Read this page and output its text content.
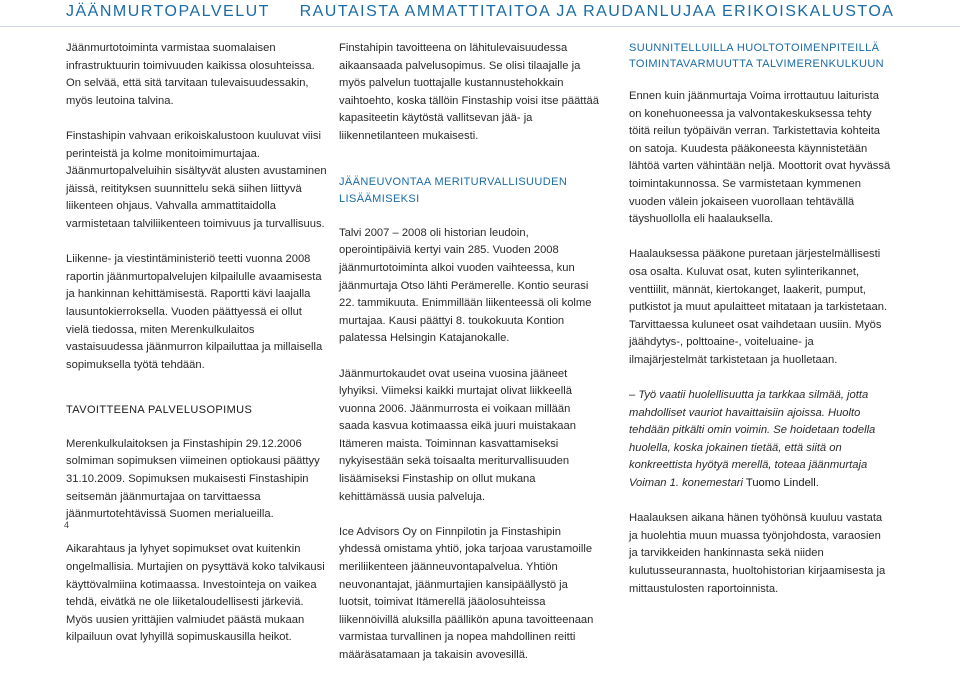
JÄÄNMURTOPALVELUT RAUTAISTA AMMATTITAITOA JA RAUDANLUJAA ERIKOISKALUSTOA

Jäänmurtotoiminta varmistaa suomalaisen infrastruktuurin toimivuuden kaikissa olosuhteissa. On selvää, että sitä tarvitaan tulevaisuudessakin, myös leutoina talvina.

Finstashipin vahvaan erikoiskalustoon kuuluvat viisi perinteistä ja kolme monitoimimurtajaa. Jäänmurtopalveluihin sisältyvät alusten avustaminen jäissä, reitityksen suunnittelu sekä siihen liittyvä liikenteen ohjaus. Vahvalla ammattitaidolla varmistetaan talviliikenteen toimivuus ja turvallisuus.

Liikenne- ja viestintäministeriö teetti vuonna 2008 raportin jäänmurtopalvelujen kilpailulle avaamisesta ja hankinnan kehittämisestä. Raportti kävi laajalla lausuntokierroksella. Vuoden päättyessä ei ollut vielä tiedossa, miten Merenkulkulaitos vastaisuudessa jäänmurron kilpailuttaa ja millaisella sopimuksella työtä tehdään.

TAVOITTEENA PALVELUSOPIMUS

Merenkulkulaitoksen ja Finstashipin 29.12.2006 solmiman sopimuksen viimeinen optiokausi päättyy 31.10.2009. Sopimuksen mukaisesti Finstashipin seitsemän jäänmurtajaa on tarvittaessa jäänmurtotehtävissä Suomen merialueilla.

Aikarahtaus ja lyhyet sopimukset ovat kuitenkin ongelmallisia. Murtajien on pysyttävä koko talvikausi käyttövalmiina kotimaassa. Investointeja on vaikea tehdä, eivätkä ne ole liiketaloudellisesti järkeviä. Myös uusien yrittäjien valmiudet päästä mukaan kilpailuun ovat lyhyillä sopimuskausilla heikot.

Finstahipin tavoitteena on lähitulevaisuudessa aikaansaada palvelusopimus. Se olisi tilaajalle ja myös palvelun tuottajalle kustannustehokkain vaihtoehto, koska tällöin Finstaship voisi itse päättää kapasiteetin käytöstä vallitsevan jää- ja liikennetilanteen mukaisesti.

JÄÄNEUVONTAA MERITURVALLISUUDEN LISÄÄMISEKSI

Talvi 2007 – 2008 oli historian leudoin, operointipäiviä kertyi vain 285. Vuoden 2008 jäänmurtotoiminta alkoi vuoden vaihteessa, kun jäänmurtaja Otso lähti Perämerelle. Kontio seurasi 22. tammikuuta. Enimmillään liikenteessä oli kolme murtajaa. Kausi päättyi 8. toukokuuta Kontion palatessa Helsingin Katajanokalle.

Jäänmurtokaudet ovat useina vuosina jääneet lyhyiksi. Viimeksi kaikki murtajat olivat liikkeellä vuonna 2006. Jäänmurrosta ei voikaan millään saada kasvua kotimaassa eikä juuri muistakaan Itämeren maista. Toiminnan kasvattamiseksi nykyisestään sekä toisaalta meriturvallisuuden lisäämiseksi Finstaship on ollut mukana kehittämässä uusia palveluja.

Ice Advisors Oy on Finnpilotin ja Finstashipin yhdessä omistama yhtiö, joka tarjoaa varustamoille meriliikenteen jäänneuvontapalvelua. Yhtiön neuvonantajat, jäänmurtajien kansipäällystö ja luotsit, toimivat Itämerellä jääolosuhteissa liikennöivillä aluksilla päällikön apuna tavoitteenaan varmistaa turvallinen ja nopea mahdollinen reitti määräsatamaan ja takaisin avovesillä.

SUUNNITELLUILLA HUOLTOTOIMENPITEILLÄ
TOIMINTAVARMUUTTA TALVIMERENKULKUUN

Ennen kuin jäänmurtaja Voima irrottautuu laiturista on konehuoneessa ja valvontakeskuksessa tehty töitä reilun työpäivän verran. Tarkistettavia kohteita on satoja. Kuudesta pääkoneesta käynnistetään lähtöä varten vähintään neljä. Moottorit ovat hyvässä toimintakunnossa. Se varmistetaan kymmenen vuoden välein jokaiseen vuorollaan tehtävällä täyshuollolla eli haalauksella.

Haalauksessa pääkone puretaan järjestelmällisesti osa osalta. Kuluvat osat, kuten sylinterikannet, venttiilit, männät, kiertokanget, laakerit, pumput, putkistot ja muut apulaitteet mitataan ja tarkistetaan. Tarvittaessa kuluneet osat vaihdetaan uusiin. Myös jäähdytys-, polttoaine-, voiteluaine- ja ilmajärjestelmät tarkistetaan ja huolletaan.

– Työ vaatii huolellisuutta ja tarkkaa silmää, jotta mahdolliset vauriot havaittaisiin ajoissa. Huolto tehdään pitkälti omin voimin. Se hoidetaan todella huolella, koska jokainen tietää, että siitä on konkreettista hyötyä merellä, toteaa jäänmurtaja Voiman 1. konemestari Tuomo Lindell.

Haalauksen aikana hänen työhönsä kuuluu vastata ja huolehtia muun muassa työnjohdosta, varaosien ja tarvikkeiden hankinnasta sekä niiden kulutusseurannasta, huoltohistorian kirjaamisesta ja mittaustulosten raportoinnista.

4
